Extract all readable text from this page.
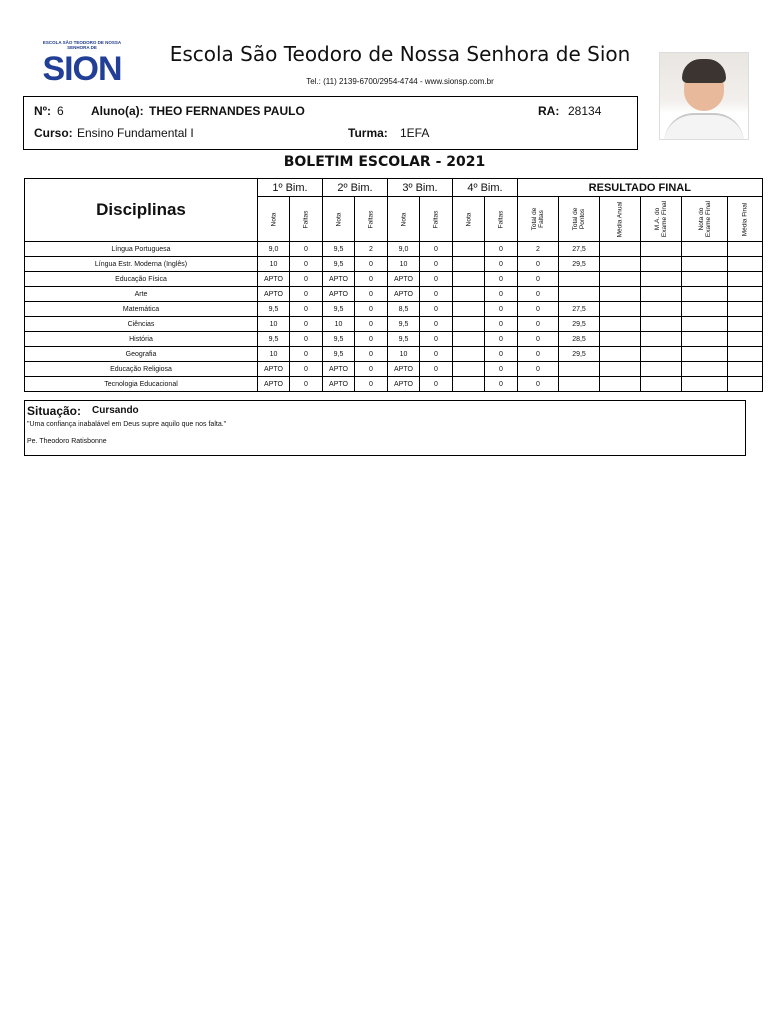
ESCOLA SÃO TEODORO DE NOSSA SENHORA DE
SION	Escola São Teodoro de Nossa Senhora de Sion
Tel.: (11) 2139-6700/2954-4744 - www.sionsp.com.br
Nº: 6 Aluno(a): THEO FERNANDES PAULO	RA: 28134
Curso: Ensino Fundamental I	Turma: 1EFA
BOLETIM ESCOLAR - 2021
Disciplinas	1º Bim.		2º Bim.		3º Bim.		4º Bim.		RESULTADO FINAL					
	Nota	Faltas	Nota	Faltas	Nota	Faltas	Nota	Faltas	Total de Faltas	Total de Pontos	Média Anual	M.A. do Exame Final	Nota do Exame Final	Média Final
Língua Portuguesa	9,0	0	9,5	2	9,0	0		0	2	27,5				
Língua Estr. Moderna (Inglês)	10	0	9,5	0	10	0		0	0	29,5				
Educação Física	APTO	0	APTO	0	APTO	0		0	0					
Arte	APTO	0	APTO	0	APTO	0		0	0					
Matemática	9,5	0	9,5	0	8,5	0		0	0	27,5				
Ciências	10	0	10	0	9,5	0		0	0	29,5				
História	9,5	0	9,5	0	9,5	0		0	0	28,5				
Geografia	10	0	9,5	0	10	0		0	0	29,5				
Educação Religiosa	APTO	0	APTO	0	APTO	0		0	0					
Tecnologia Educacional	APTO	0	APTO	0	APTO	0		0	0					
Situação: Cursando
"Uma confiança inabalável em Deus supre aquilo que nos falta."
Pe. Theodoro Ratisbonne
